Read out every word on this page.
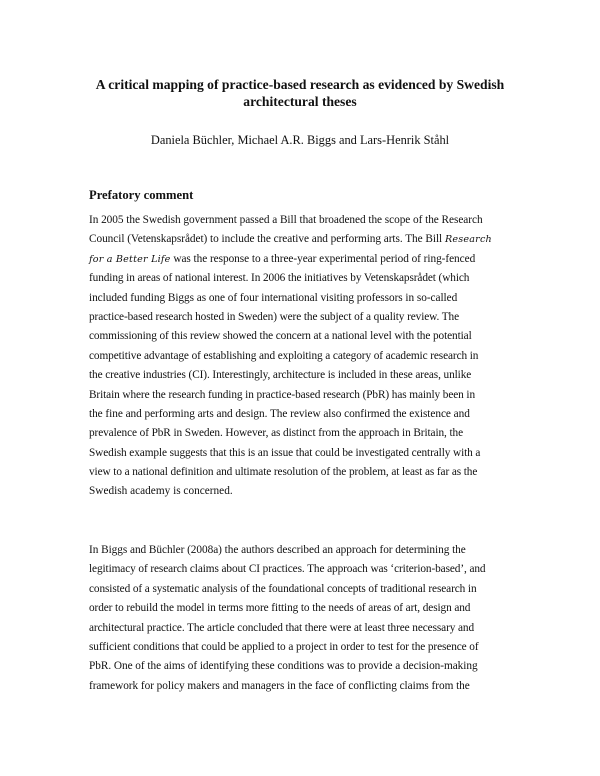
A critical mapping of practice-based research as evidenced by Swedish
architectural theses
Daniela Büchler, Michael A.R. Biggs and Lars-Henrik Ståhl
Prefatory comment
In 2005 the Swedish government passed a Bill that broadened the scope of the Research
Council (Vetenskapsrådet) to include the creative and performing arts. The Bill Research
for a Better Life was the response to a three-year experimental period of ring-fenced
funding in areas of national interest. In 2006 the initiatives by Vetenskapsrådet (which
included funding Biggs as one of four international visiting professors in so-called
practice-based research hosted in Sweden) were the subject of a quality review. The
commissioning of this review showed the concern at a national level with the potential
competitive advantage of establishing and exploiting a category of academic research in
the creative industries (CI). Interestingly, architecture is included in these areas, unlike
Britain where the research funding in practice-based research (PbR) has mainly been in
the fine and performing arts and design. The review also confirmed the existence and
prevalence of PbR in Sweden. However, as distinct from the approach in Britain, the
Swedish example suggests that this is an issue that could be investigated centrally with a
view to a national definition and ultimate resolution of the problem, at least as far as the
Swedish academy is concerned.
In Biggs and Büchler (2008a) the authors described an approach for determining the
legitimacy of research claims about CI practices. The approach was ‘criterion-based’, and
consisted of a systematic analysis of the foundational concepts of traditional research in
order to rebuild the model in terms more fitting to the needs of areas of art, design and
architectural practice. The article concluded that there were at least three necessary and
sufficient conditions that could be applied to a project in order to test for the presence of
PbR. One of the aims of identifying these conditions was to provide a decision-making
framework for policy makers and managers in the face of conflicting claims from the
